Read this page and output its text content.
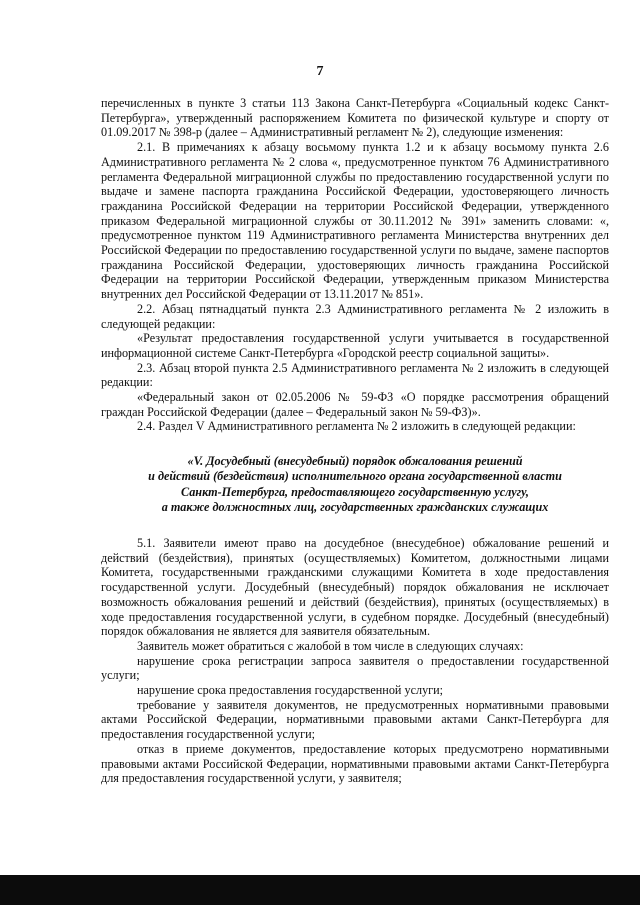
7

перечисленных в пункте 3 статьи 113 Закона Санкт-Петербурга «Социальный кодекс Санкт-Петербурга», утвержденный распоряжением Комитета по физической культуре и спорту от 01.09.2017 № 398-р (далее – Административный регламент № 2), следующие изменения:

2.1. В примечаниях к абзацу восьмому пункта 1.2 и к абзацу восьмому пункта 2.6 Административного регламента № 2 слова «, предусмотренное пунктом 76 Административного регламента Федеральной миграционной службы по предоставлению государственной услуги по выдаче и замене паспорта гражданина Российской Федерации, удостоверяющего личность гражданина Российской Федерации на территории Российской Федерации, утвержденного приказом Федеральной миграционной службы от 30.11.2012 № 391» заменить словами: «, предусмотренное пунктом 119 Административного регламента Министерства внутренних дел Российской Федерации по предоставлению государственной услуги по выдаче, замене паспортов гражданина Российской Федерации, удостоверяющих личность гражданина Российской Федерации на территории Российской Федерации, утвержденным приказом Министерства внутренних дел Российской Федерации от 13.11.2017 № 851».

2.2. Абзац пятнадцатый пункта 2.3 Административного регламента № 2 изложить в следующей редакции:

«Результат предоставления государственной услуги учитывается в государственной информационной системе Санкт-Петербурга «Городской реестр социальной защиты».

2.3. Абзац второй пункта 2.5 Административного регламента № 2 изложить в следующей редакции:

«Федеральный закон от 02.05.2006 № 59-ФЗ «О порядке рассмотрения обращений граждан Российской Федерации (далее – Федеральный закон № 59-ФЗ)».

2.4. Раздел V Административного регламента № 2 изложить в следующей редакции:

«V. Досудебный (внесудебный) порядок обжалования решений
и действий (бездействия) исполнительного органа государственной власти
Санкт-Петербурга, предоставляющего государственную услугу,
а также должностных лиц, государственных гражданских служащих

5.1. Заявители имеют право на досудебное (внесудебное) обжалование решений и действий (бездействия), принятых (осуществляемых) Комитетом, должностными лицами Комитета, государственными гражданскими служащими Комитета в ходе предоставления государственной услуги. Досудебный (внесудебный) порядок обжалования не исключает возможность обжалования решений и действий (бездействия), принятых (осуществляемых) в ходе предоставления государственной услуги, в судебном порядке. Досудебный (внесудебный) порядок обжалования не является для заявителя обязательным.

Заявитель может обратиться с жалобой в том числе в следующих случаях:

нарушение срока регистрации запроса заявителя о предоставлении государственной услуги;

нарушение срока предоставления государственной услуги;

требование у заявителя документов, не предусмотренных нормативными правовыми актами Российской Федерации, нормативными правовыми актами Санкт-Петербурга для предоставления государственной услуги;

отказ в приеме документов, предоставление которых предусмотрено нормативными правовыми актами Российской Федерации, нормативными правовыми актами Санкт-Петербурга для предоставления государственной услуги, у заявителя;
